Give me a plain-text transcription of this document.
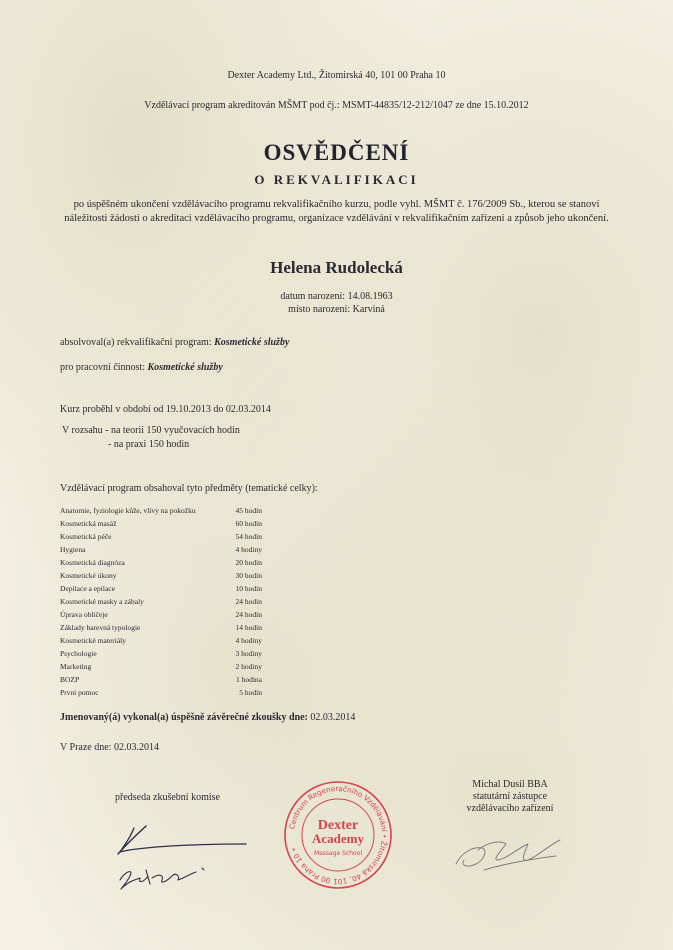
Dexter Academy Ltd., Žitomirská 40, 101 00 Praha 10
Vzdělávací program akreditován MŠMT pod čj.: MSMT-44835/12-212/1047 ze dne 15.10.2012
OSVĚDČENÍ
O REKVALIFIKACI
po úspěšném ukončení vzdělávacího programu rekvalifikačního kurzu, podle vyhl. MŠMT č. 176/2009 Sb., kterou se stanoví náležitosti žádosti o akreditaci vzdělávacího programu, organizace vzdělávání v rekvalifikačním zařízení a způsob jeho ukončení.
Helena Rudolecká
datum narození: 14.08.1963
místo narození: Karviná
absolvoval(a) rekvalifikační program: Kosmetické služby
pro pracovní činnost: Kosmetické služby
Kurz proběhl v období od 19.10.2013 do 02.03.2014
V rozsahu - na teorii 150 vyučovacích hodin
- na praxi 150 hodin
Vzdělávací program obsahoval tyto předměty (tematické celky):
Anatomie, fyziologie kůže, vlivy na pokožku	45 hodin
Kosmetická masáž	60 hodin
Kosmetická péče	54 hodin
Hygiena	4 hodiny
Kosmetická diagnóza	20 hodin
Kosmetické úkony	30 hodin
Depilace a epilace	10 hodin
Kosmetické masky a zábaly	24 hodin
Úprava obličeje	24 hodin
Základy barevná typologie	14 hodin
Kosmetické materiály	4 hodiny
Psychologie	3 hodiny
Marketing	2 hodiny
BOZP	1 hodina
První pomoc	5 hodin
Jmenovaný(á) vykonal(a) úspěšně závěrečné zkoušky dne: 02.03.2014
V Praze dne: 02.03.2014
předseda zkušební komise
Michal Dusil BBA
statutární zástupce
vzdělávacího zařízení
Centrum Regeneračního Vzdělávání • Žitomirská 40, 101 00 Praha 10 •
Dexter
Academy
Massage School
